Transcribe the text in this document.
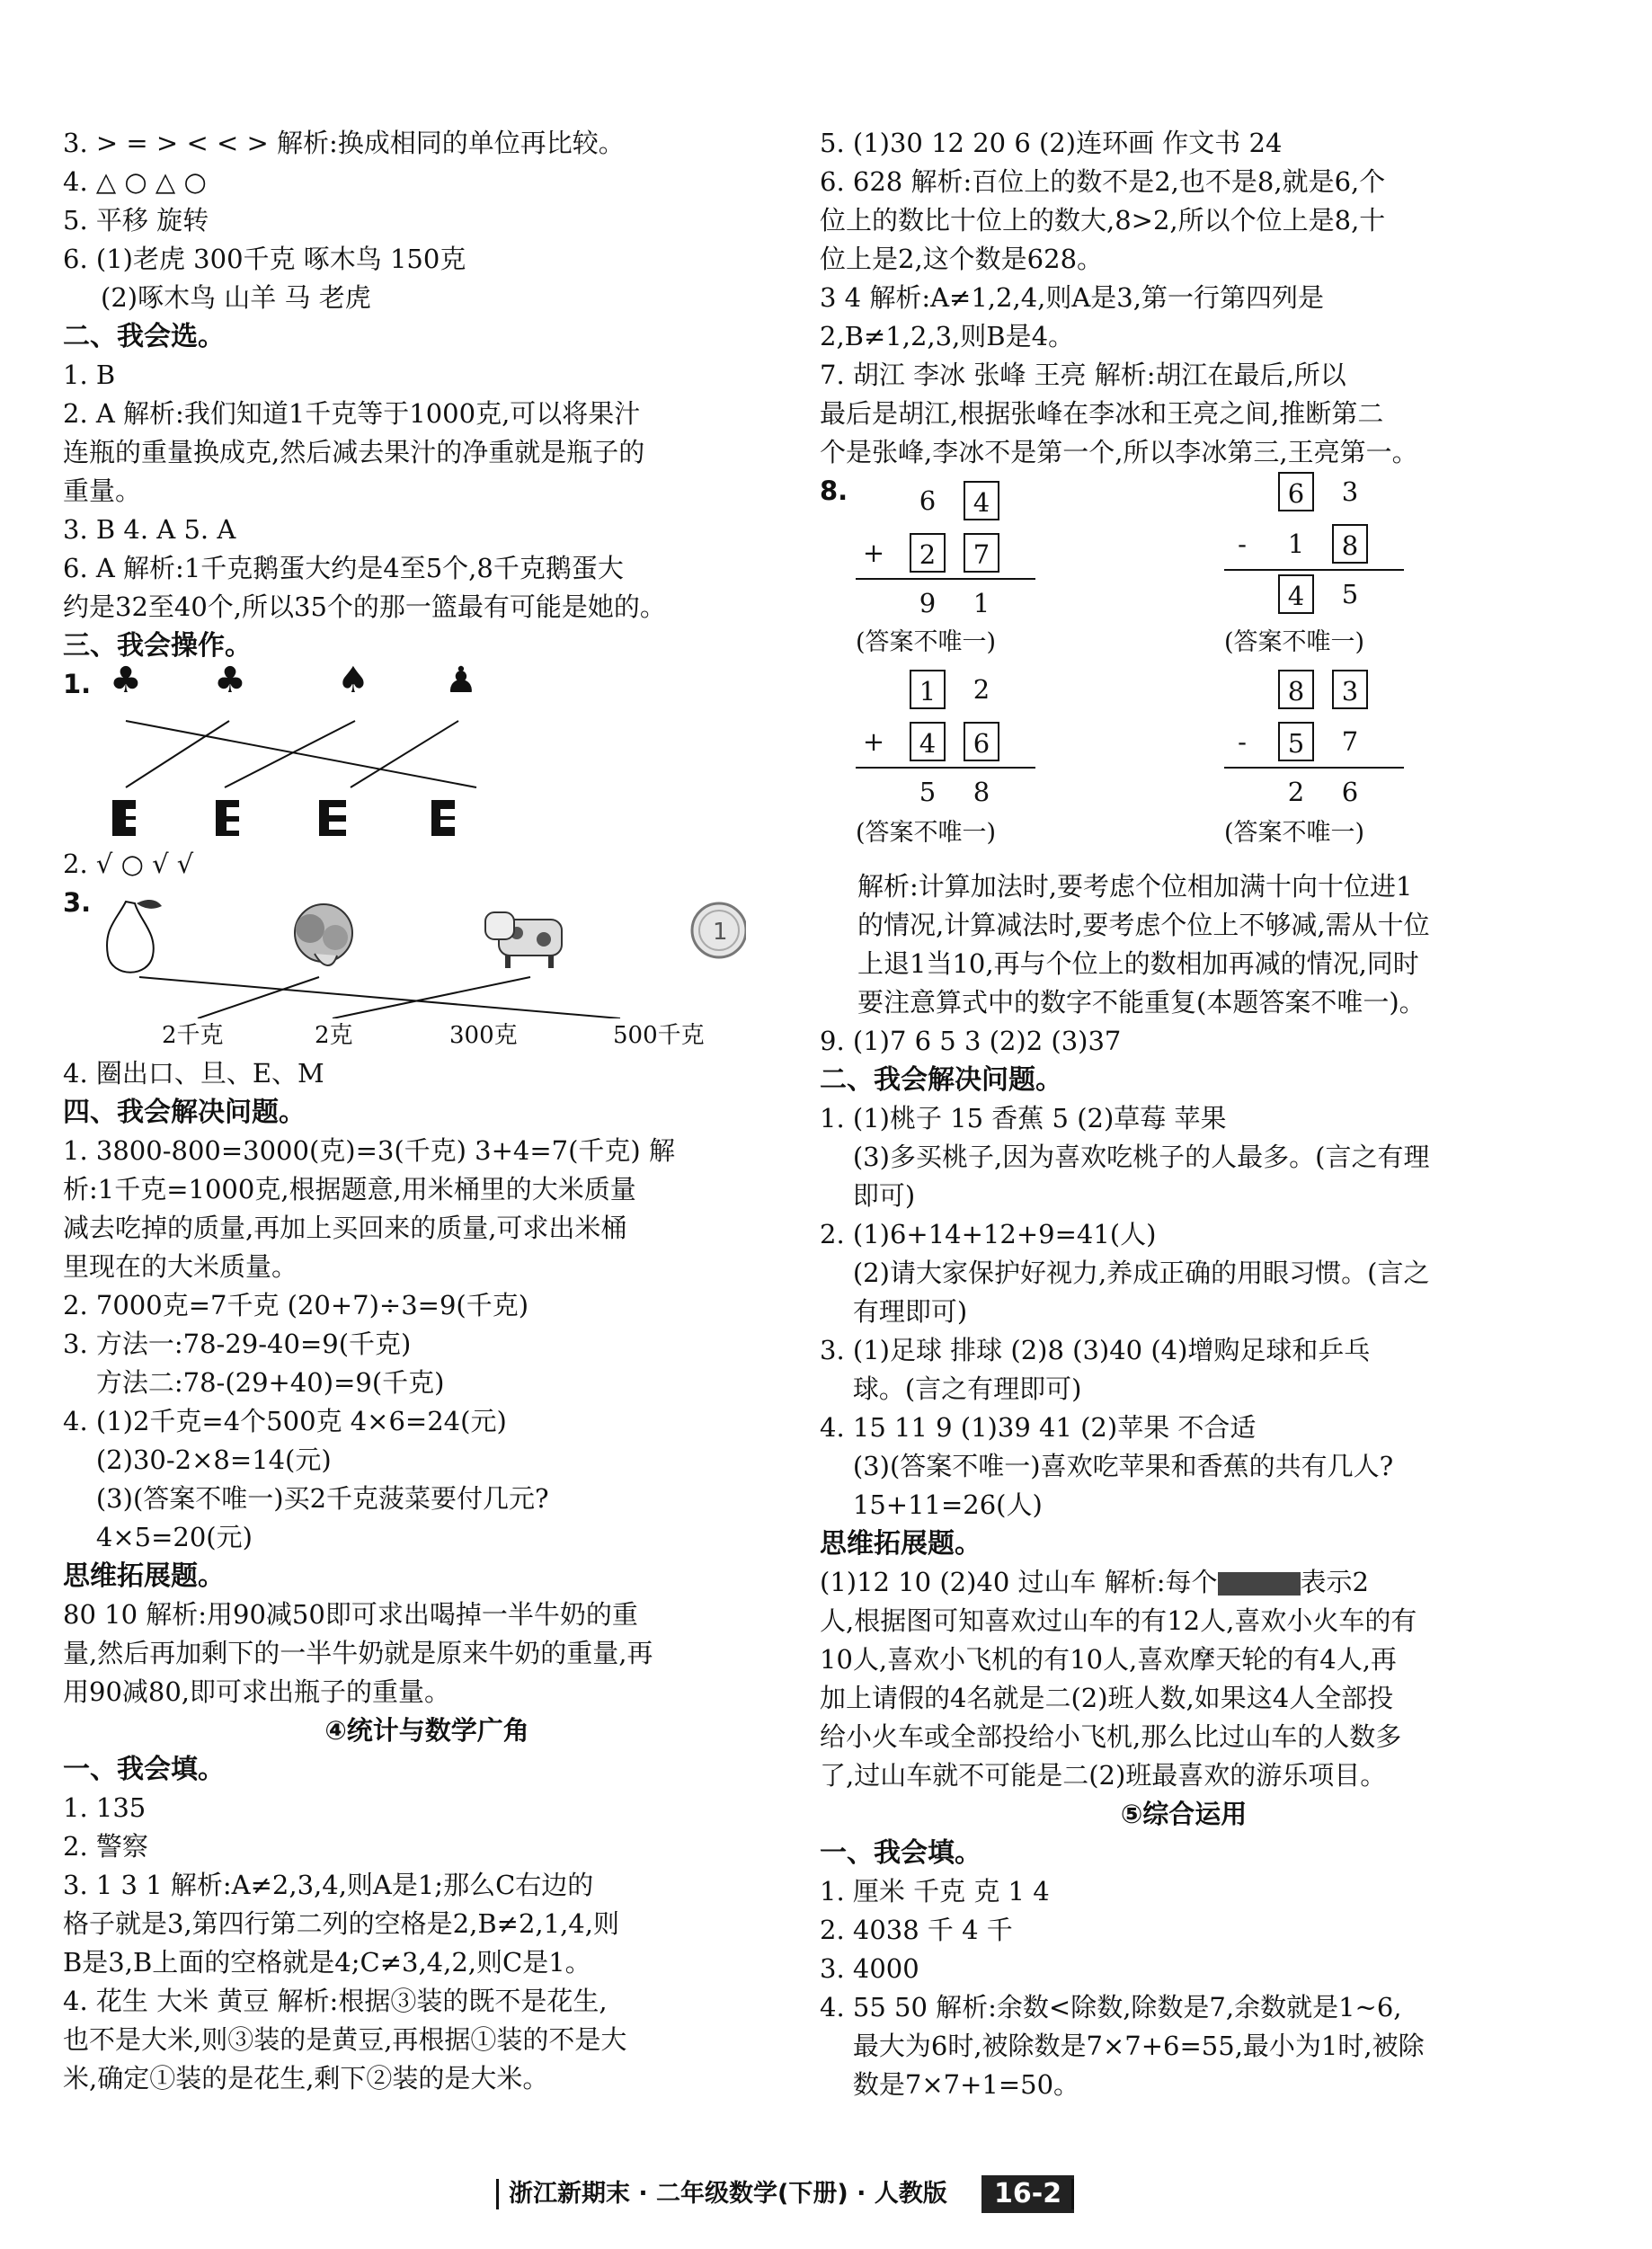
3. > = > < < > 解析:换成相同的单位再比较。
4. △ ○ △ ○
5. 平移 旋转
6. (1)老虎 300千克 啄木鸟 150克
(2)啄木鸟 山羊 马 老虎
二、我会选。
1. B
2. A 解析:我们知道1千克等于1000克,可以将果汁
连瓶的重量换成克,然后减去果汁的净重就是瓶子的
重量。
3. B 4. A 5. A
6. A 解析:1千克鹅蛋大约是4至5个,8千克鹅蛋大
约是32至40个,所以35个的那一篮最有可能是她的。
三、我会操作。
1. ♣ ♣	♠ ♟
2. √ ○ √ √
3.
1
2千克	2克	300克	500千克
4. 圈出口、旦、E、M
四、我会解决问题。
1. 3800-800=3000(克)=3(千克) 3+4=7(千克) 解
析:1千克=1000克,根据题意,用米桶里的大米质量
减去吃掉的质量,再加上买回来的质量,可求出米桶
里现在的大米质量。
2. 7000克=7千克 (20+7)÷3=9(千克)
3. 方法一:78-29-40=9(千克)
方法二:78-(29+40)=9(千克)
4. (1)2千克=4个500克 4×6=24(元)
(2)30-2×8=14(元)
(3)(答案不唯一)买2千克菠菜要付几元?
4×5=20(元)
思维拓展题。
80 10 解析:用90减50即可求出喝掉一半牛奶的重
量,然后再加剩下的一半牛奶就是原来牛奶的重量,再
用90减80,即可求出瓶子的重量。
④统计与数学广角
一、我会填。
1. 135
2. 警察
3. 1 3 1 解析:A≠2,3,4,则A是1;那么C右边的
格子就是3,第四行第二列的空格是2,B≠2,1,4,则
B是3,B上面的空格就是4;C≠3,4,2,则C是1。
4. 花生 大米 黄豆 解析:根据③装的既不是花生,
也不是大米,则③装的是黄豆,再根据①装的不是大
米,确定①装的是花生,剩下②装的是大米。
5. (1)30 12 20 6 (2)连环画 作文书 24
6. 628 解析:百位上的数不是2,也不是8,就是6,个
位上的数比十位上的数大,8>2,所以个位上是8,十
位上是2,这个数是628。
3 4 解析:A≠1,2,4,则A是3,第一行第四列是
2,B≠1,2,3,则B是4。
7. 胡江 李冰 张峰 王亮 解析:胡江在最后,所以
最后是胡江,根据张峰在李冰和王亮之间,推断第二
个是张峰,李冰不是第一个,所以李冰第三,王亮第一。
8.	6	4
+	2	7
9	1
(答案不唯一)
6	3
-	1	8
4	5
(答案不唯一)
1	2
+	4	6
5	8
(答案不唯一)
8	3
-	5	7
2	6
(答案不唯一)
解析:计算加法时,要考虑个位相加满十向十位进1
的情况,计算减法时,要考虑个位上不够减,需从十位
上退1当10,再与个位上的数相加再减的情况,同时
要注意算式中的数字不能重复(本题答案不唯一)。
9. (1)7 6 5 3 (2)2 (3)37
二、我会解决问题。
1. (1)桃子 15 香蕉 5 (2)草莓 苹果
(3)多买桃子,因为喜欢吃桃子的人最多。(言之有理
即可)
2. (1)6+14+12+9=41(人)
(2)请大家保护好视力,养成正确的用眼习惯。(言之
有理即可)
3. (1)足球 排球 (2)8 (3)40 (4)增购足球和乒乓
球。(言之有理即可)
4. 15 11 9 (1)39 41 (2)苹果 不合适
(3)(答案不唯一)喜欢吃苹果和香蕉的共有几人?
15+11=26(人)
思维拓展题。
(1)12 10 (2)40 过山车 解析:每个	表示2
人,根据图可知喜欢过山车的有12人,喜欢小火车的有
10人,喜欢小飞机的有10人,喜欢摩天轮的有4人,再
加上请假的4名就是二(2)班人数,如果这4人全部投
给小火车或全部投给小飞机,那么比过山车的人数多
了,过山车就不可能是二(2)班最喜欢的游乐项目。
⑤综合运用
一、我会填。
1. 厘米 千克 克 1 4
2. 4038 千 4 千
3. 4000
4. 55 50 解析:余数<除数,除数是7,余数就是1~6,
最大为6时,被除数是7×7+6=55,最小为1时,被除
数是7×7+1=50。
浙江新期末 · 二年级数学(下册) · 人教版	16-2
